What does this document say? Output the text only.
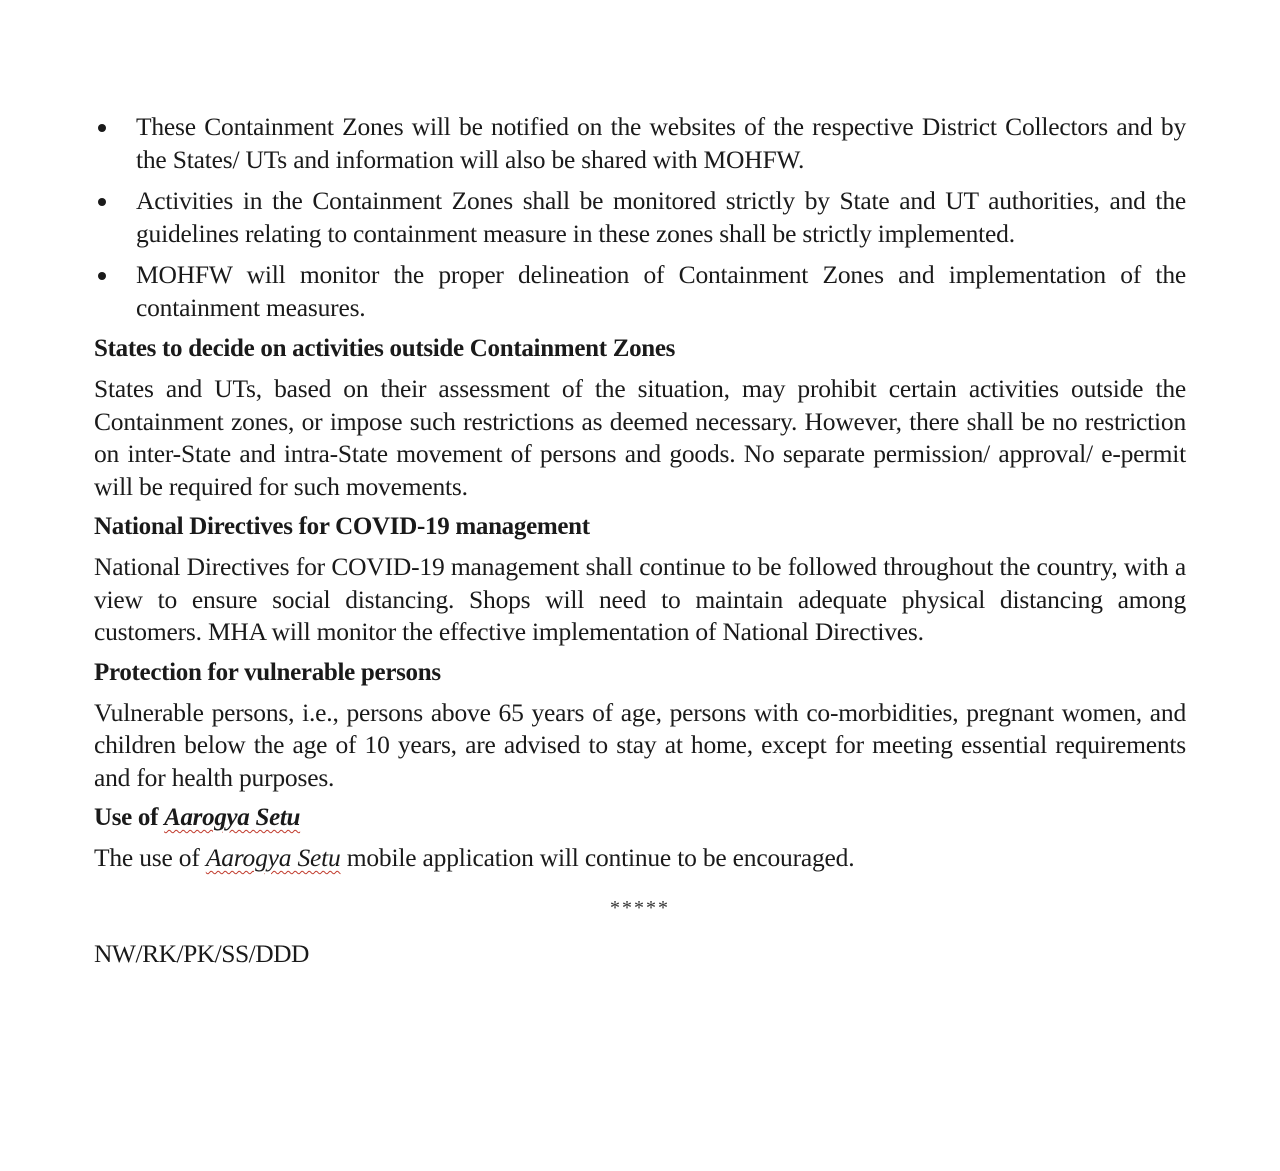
These Containment Zones will be notified on the websites of the respective District Collectors and by the States/ UTs and information will also be shared with MOHFW.
Activities in the Containment Zones shall be monitored strictly by State and UT authorities, and the guidelines relating to containment measure in these zones shall be strictly implemented.
MOHFW will monitor the proper delineation of Containment Zones and implementation of the containment measures.

States to decide on activities outside Containment Zones

States and UTs, based on their assessment of the situation, may prohibit certain activities outside the Containment zones, or impose such restrictions as deemed necessary. However, there shall be no restriction on inter-State and intra-State movement of persons and goods. No separate permission/ approval/ e-permit will be required for such movements.

National Directives for COVID-19 management

National Directives for COVID-19 management shall continue to be followed throughout the country, with a view to ensure social distancing. Shops will need to maintain adequate physical distancing among customers. MHA will monitor the effective implementation of National Directives.

Protection for vulnerable persons

Vulnerable persons, i.e., persons above 65 years of age, persons with co-morbidities, pregnant women, and children below the age of 10 years, are advised to stay at home, except for meeting essential requirements and for health purposes.

Use of Aarogya Setu

The use of Aarogya Setu mobile application will continue to be encouraged.

*****
NW/RK/PK/SS/DDD
